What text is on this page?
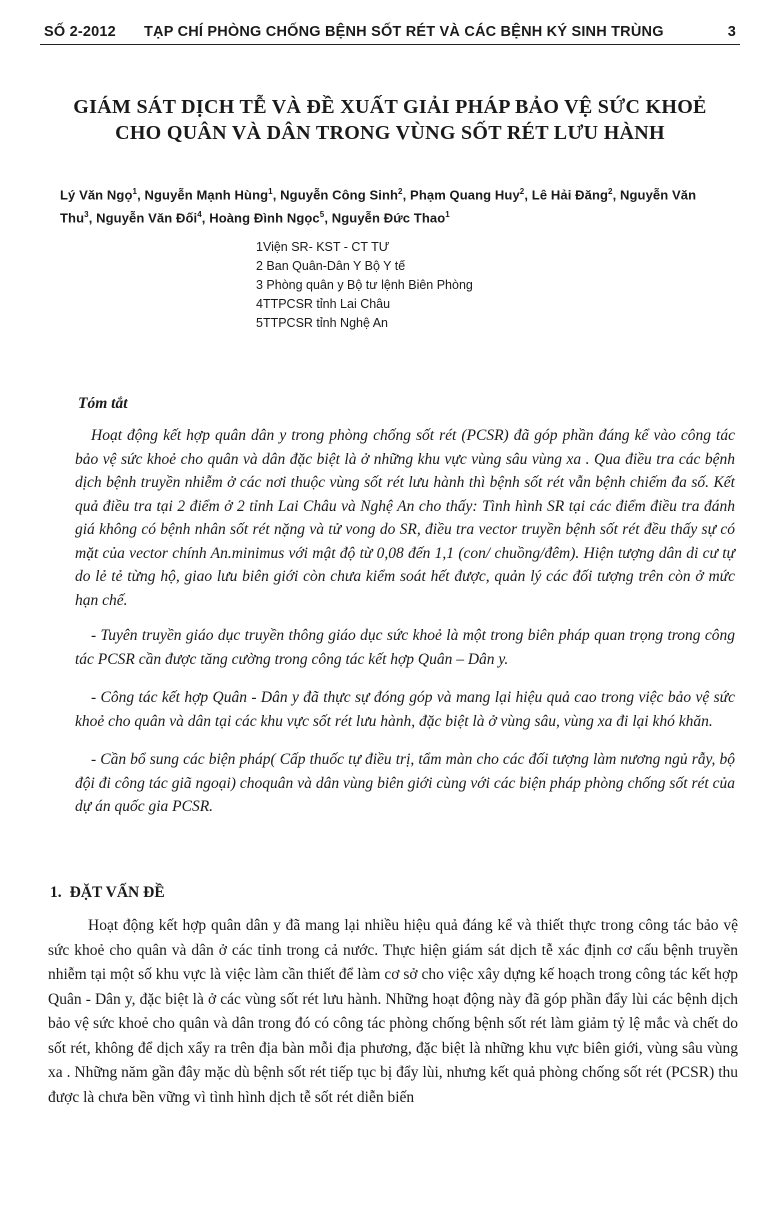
SỐ 2-2012 TẠP CHÍ PHÒNG CHỐNG BỆNH SỐT RÉT VÀ CÁC BỆNH KÝ SINH TRÙNG	3
GIÁM SÁT DỊCH TỄ VÀ ĐỀ XUẤT GIẢI PHÁP BẢO VỆ SỨC KHOẺ
CHO QUÂN VÀ DÂN TRONG VÙNG SỐT RÉT LƯU HÀNH
Lý Văn Ngọ$^1$, Nguyễn Mạnh Hùng$^1$, Nguyễn Công Sinh$^2$, Phạm Quang Huy$^2$, Lê Hải Đăng$^2$, Nguyễn Văn Thu$^3$, Nguyễn Văn Đối$^4$, Hoàng Đình Ngọc$^5$, Nguyễn Đức Thao$^1$
1Viện SR- KST - CT TƯ
2 Ban Quân-Dân Y Bộ Y tế
3 Phòng quân y Bộ tư lệnh Biên Phòng
4TTPCSR tỉnh Lai Châu
5TTPCSR tỉnh Nghệ An
Tóm tắt

Hoạt động kết hợp quân dân y trong phòng chống sốt rét (PCSR) đã góp phần đáng kể vào công tác bảo vệ sức khoẻ cho quân và dân đặc biệt là ở những khu vực vùng sâu vùng xa . Qua điều tra các bệnh dịch bệnh truyền nhiễm ở các nơi thuộc vùng sốt rét lưu hành thì bệnh sốt rét vẫn bệnh chiếm đa số. Kết quả điều tra tại 2 điểm ở 2 tỉnh Lai Châu và Nghệ An cho thấy: Tình hình SR tại các điểm điều tra đánh giá không có bệnh nhân sốt rét nặng và tử vong do SR, điều tra vector truyền bệnh sốt rét đều thấy sự có mặt của vector chính An.minimus với mật độ từ 0,08 đến 1,1 (con/ chuồng/đêm). Hiện tượng dân di cư tự do lẻ tẻ từng hộ, giao lưu biên giới còn chưa kiểm soát hết được, quản lý các đối tượng trên còn ở mức hạn chế.

- Tuyên truyền giáo dục truyền thông giáo dục sức khoẻ là một trong biên pháp quan trọng trong công tác PCSR cần được tăng cường trong công tác kết hợp Quân – Dân y.

- Công tác kết hợp Quân - Dân y đã thực sự đóng góp và mang lại hiệu quả cao trong việc bảo vệ sức khoẻ cho quân và dân tại các khu vực sốt rét lưu hành, đặc biệt là ở vùng sâu, vùng xa đi lại khó khăn.

- Cần bổ sung các biện pháp( Cấp thuốc tự điều trị, tẩm màn cho các đối tượng làm nương ngủ rẫy, bộ đội đi công tác giã ngoại) choquân và dân vùng biên giới cùng với các biện pháp phòng chống sốt rét của dự án quốc gia PCSR.

1. ĐẶT VẤN ĐỀ
Hoạt động kết hợp quân dân y đã mang lại nhiều hiệu quả đáng kể và thiết thực trong công tác bảo vệ sức khoẻ cho quân và dân ở các tỉnh trong cả nước. Thực hiện giám sát dịch tễ xác định cơ cấu bệnh truyền nhiễm tại một số khu vực là việc làm cần thiết để làm cơ sở cho việc xây dựng kế hoạch trong công tác kết hợp Quân - Dân y, đặc biệt là ở các vùng sốt rét lưu hành. Những hoạt động này đã góp phần đẩy lùi các bệnh dịch bảo vệ sức khoẻ cho quân và dân trong đó có công tác phòng chống bệnh sốt rét làm giảm tỷ lệ mắc và chết do sốt rét, không để dịch xẩy ra trên địa bàn mỗi địa phương, đặc biệt là những khu vực biên giới, vùng sâu vùng xa . Những năm gần đây mặc dù bệnh sốt rét tiếp tục bị đẩy lùi, nhưng kết quả phòng chống sốt rét (PCSR) thu được là chưa bền vững vì tình hình dịch tễ sốt rét diễn biến
